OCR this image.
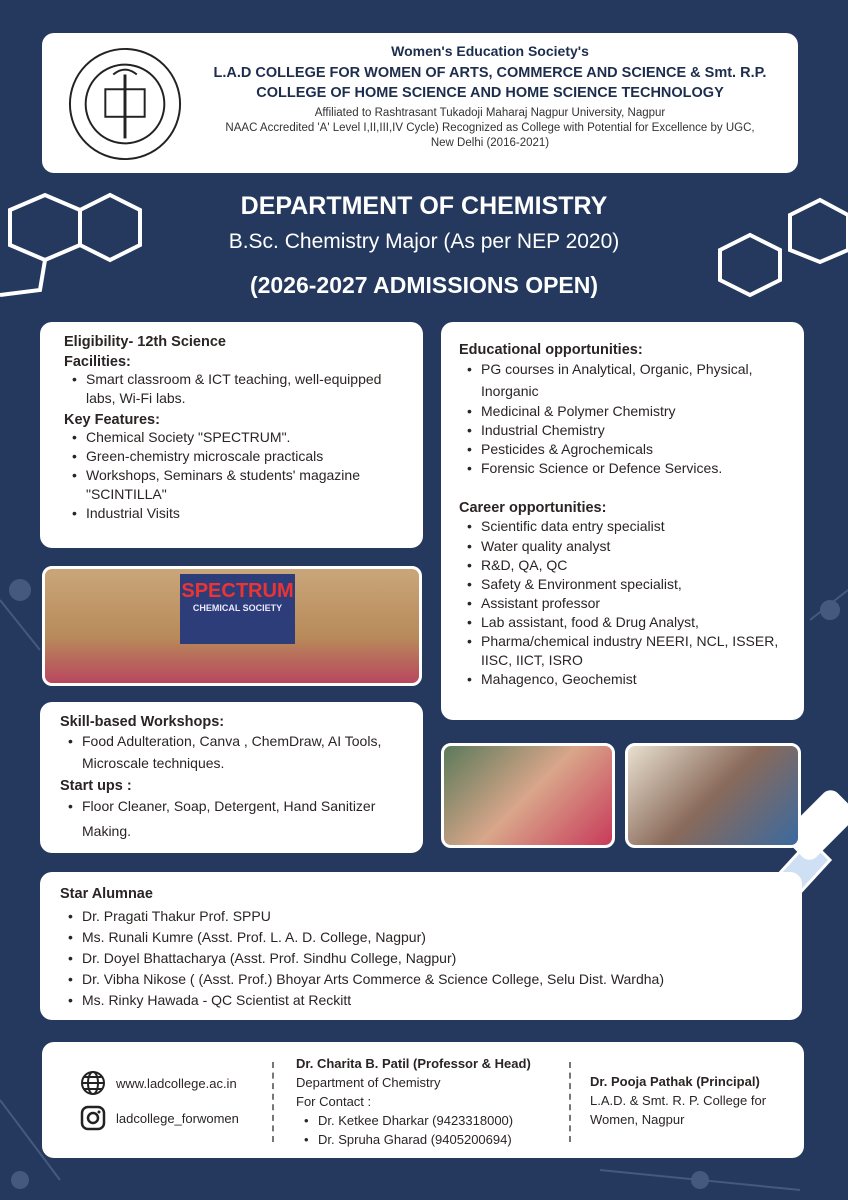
Women's Education Society's
L.A.D COLLEGE FOR WOMEN OF ARTS, COMMERCE AND SCIENCE & Smt. R.P.
COLLEGE OF HOME SCIENCE AND HOME SCIENCE TECHNOLOGY
Affiliated to Rashtrasant Tukadoji Maharaj Nagpur University, Nagpur
NAAC Accredited 'A' Level I,II,III,IV Cycle) Recognized as College with Potential for Excellence by UGC,
New Delhi (2016-2021)
DEPARTMENT OF CHEMISTRY
B.Sc. Chemistry Major (As per NEP 2020)
(2026-2027 ADMISSIONS OPEN)
Eligibility- 12th Science
Facilities:
• Smart classroom & ICT teaching, well-equipped labs, Wi-Fi labs.
Key Features:
• Chemical Society "SPECTRUM".
• Green-chemistry microscale practicals
• Workshops, Seminars & students' magazine "SCINTILLA"
• Industrial Visits
SPECTRUM
CHEMICAL SOCIETY
Skill-based Workshops:
• Food Adulteration, Canva , ChemDraw, AI Tools, Microscale techniques.
Start ups :
• Floor Cleaner, Soap, Detergent, Hand Sanitizer Making.
Educational opportunities:
• PG courses in Analytical, Organic, Physical, Inorganic
• Medicinal & Polymer Chemistry
• Industrial Chemistry
• Pesticides & Agrochemicals
• Forensic Science or Defence Services.
Career opportunities:
• Scientific data entry specialist
• Water quality analyst
• R&D, QA, QC
• Safety & Environment specialist,
• Assistant professor
• Lab assistant, food & Drug Analyst,
• Pharma/chemical industry NEERI, NCL, ISSER, IISC, IICT, ISRO
• Mahagenco, Geochemist
Star Alumnae
• Dr. Pragati Thakur Prof. SPPU
• Ms. Runali Kumre (Asst. Prof. L. A. D. College, Nagpur)
• Dr. Doyel Bhattacharya (Asst. Prof. Sindhu College, Nagpur)
• Dr. Vibha Nikose ( (Asst. Prof.) Bhoyar Arts Commerce & Science College, Selu Dist. Wardha)
• Ms. Rinky Hawada - QC Scientist at Reckitt
www.ladcollege.ac.in
ladcollege_forwomen
Dr. Charita B. Patil (Professor & Head)
Department of Chemistry
For Contact :
• Dr. Ketkee Dharkar (9423318000)
• Dr. Spruha Gharad (9405200694)
Dr. Pooja Pathak (Principal)
L.A.D. & Smt. R. P. College for Women, Nagpur
